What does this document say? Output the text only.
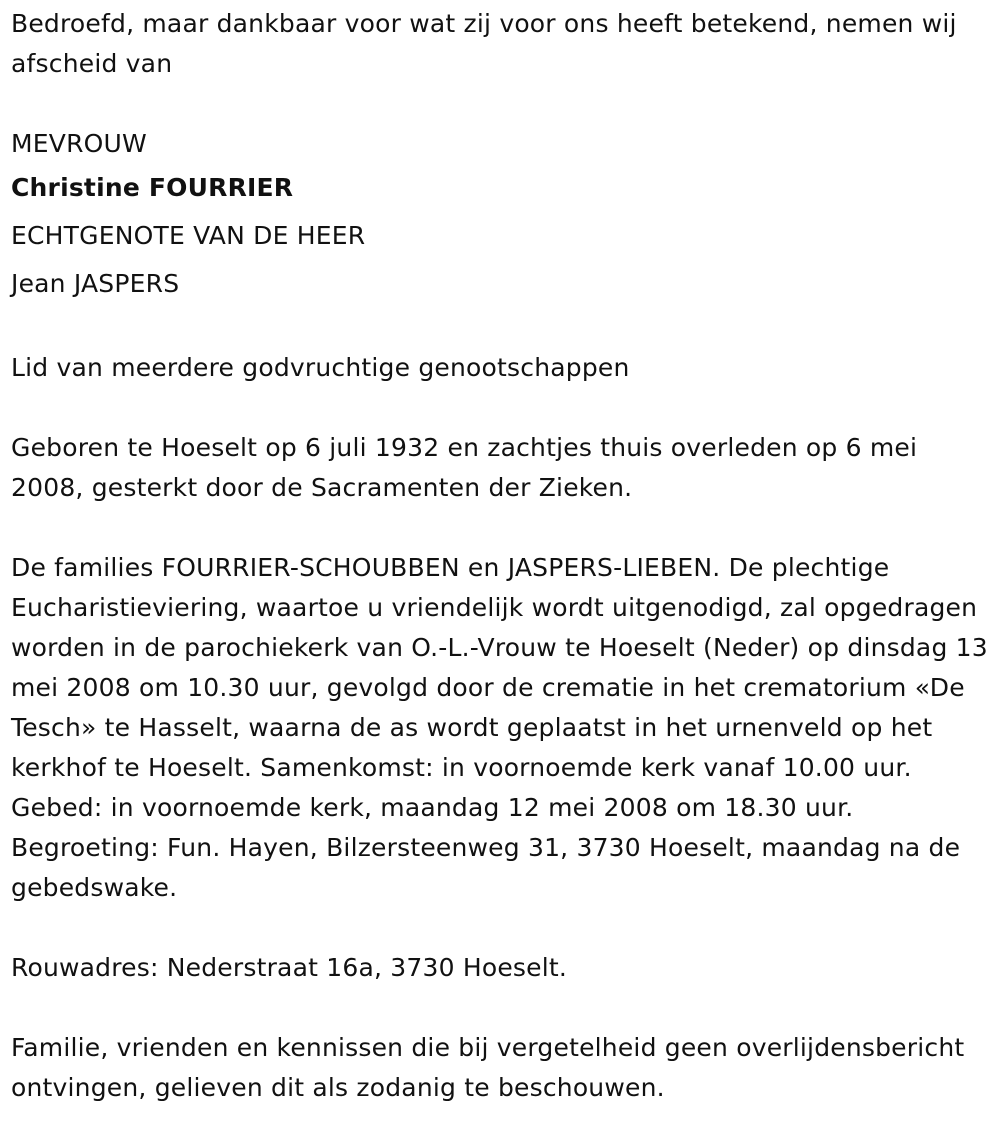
Bedroefd, maar dankbaar voor wat zij voor ons heeft betekend, nemen wij afscheid van

MEVROUW

Christine FOURRIER

ECHTGENOTE VAN DE HEER

Jean JASPERS

Lid van meerdere godvruchtige genootschappen

Geboren te Hoeselt op 6 juli 1932 en zachtjes thuis overleden op 6 mei 2008, gesterkt door de Sacramenten der Zieken.

De families FOURRIER-SCHOUBBEN en JASPERS-LIEBEN. De plechtige Eucharistieviering, waartoe u vriendelijk wordt uitgenodigd, zal opgedragen worden in de parochiekerk van O.-L.-Vrouw te Hoeselt (Neder) op dinsdag 13 mei 2008 om 10.30 uur, gevolgd door de crematie in het crematorium «De Tesch» te Hasselt, waarna de as wordt geplaatst in het urnenveld op het kerkhof te Hoeselt. Samenkomst: in voornoemde kerk vanaf 10.00 uur. Gebed: in voornoemde kerk, maandag 12 mei 2008 om 18.30 uur. Begroeting: Fun. Hayen, Bilzersteenweg 31, 3730 Hoeselt, maandag na de gebedswake.

Rouwadres: Nederstraat 16a, 3730 Hoeselt.

Familie, vrienden en kennissen die bij vergetelheid geen overlijdensbericht ontvingen, gelieven dit als zodanig te beschouwen.
